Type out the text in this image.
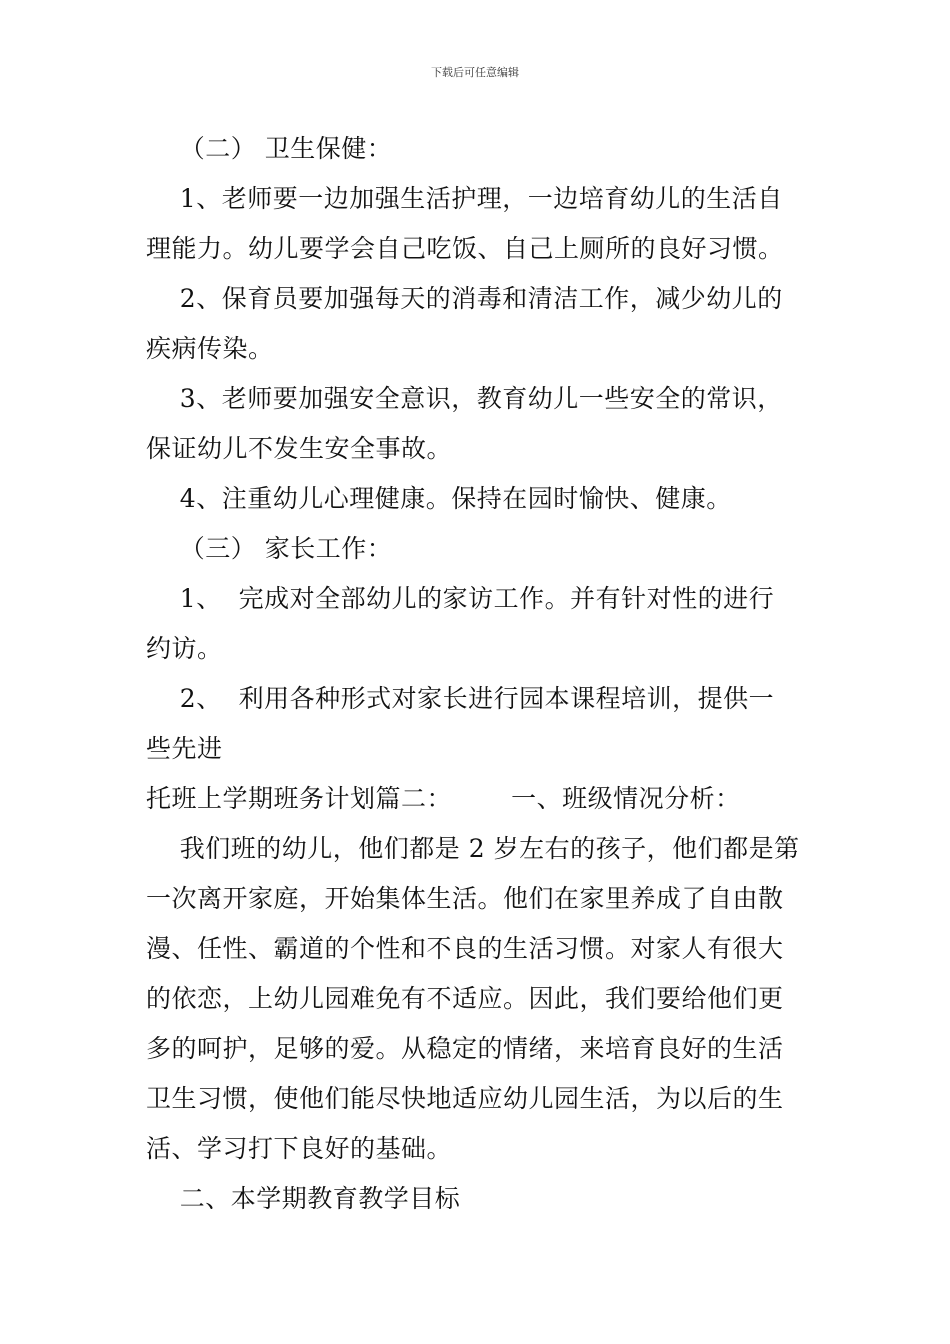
下载后可任意编辑
（二） 卫生保健：
1、老师要一边加强生活护理，一边培育幼儿的生活自
理能力。幼儿要学会自己吃饭、自己上厕所的良好习惯。
2、保育员要加强每天的消毒和清洁工作，减少幼儿的
疾病传染。
3、老师要加强安全意识，教育幼儿一些安全的常识，
保证幼儿不发生安全事故。
4、注重幼儿心理健康。保持在园时愉快、健康。
（三） 家长工作：
1、  完成对全部幼儿的家访工作。并有针对性的进行
约访。
2、  利用各种形式对家长进行园本课程培训，提供一
些先进
托班上学期班务计划篇二：       一、班级情况分析：
我们班的幼儿，他们都是 2 岁左右的孩子，他们都是第
一次离开家庭，开始集体生活。他们在家里养成了自由散
漫、任性、霸道的个性和不良的生活习惯。对家人有很大
的依恋，上幼儿园难免有不适应。因此，我们要给他们更
多的呵护，足够的爱。从稳定的情绪，来培育良好的生活
卫生习惯，使他们能尽快地适应幼儿园生活，为以后的生
活、学习打下良好的基础。
二、本学期教育教学目标
